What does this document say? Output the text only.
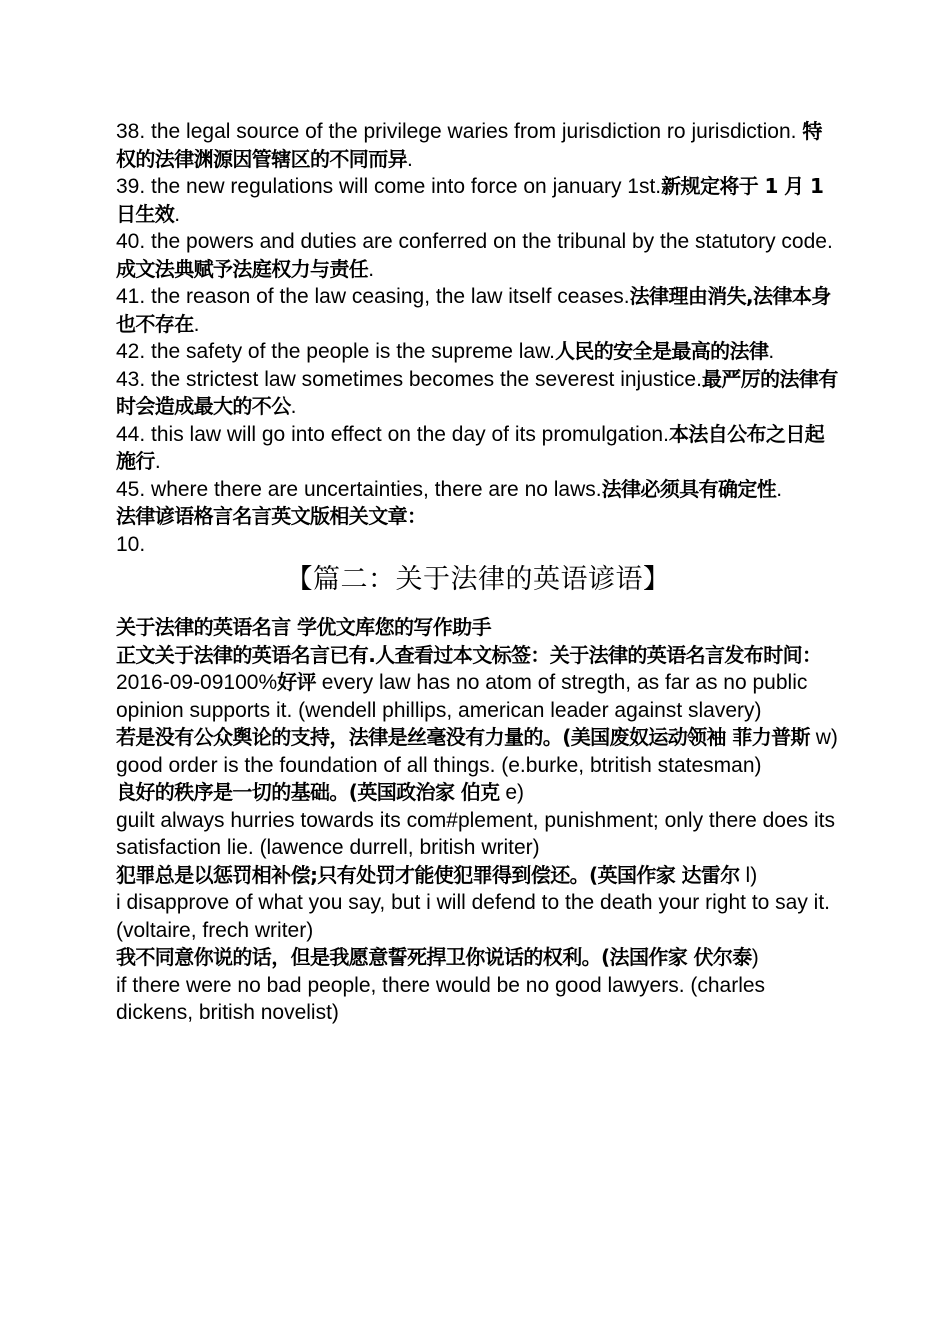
38. the legal source of the privilege waries from jurisdiction ro jurisdiction. 特权的法律渊源因管辖区的不同而异.
39. the new regulations will come into force on january 1st.新规定将于 1 月 1 日生效.
40. the powers and duties are conferred on the tribunal by the statutory code. 成文法典赋予法庭权力与责任.
41. the reason of the law ceasing, the law itself ceases.法律理由消失,法律本身也不存在.
42. the safety of the people is the supreme law.人民的安全是最高的法律.
43. the strictest law sometimes becomes the severest injustice.最严厉的法律有时会造成最大的不公.
44. this law will go into effect on the day of its promulgation.本法自公布之日起施行.
45. where there are uncertainties, there are no laws.法律必须具有确定性.
法律谚语格言名言英文版相关文章：
10.
【篇二：关于法律的英语谚语】
关于法律的英语名言 学优文库您的写作助手
正文关于法律的英语名言已有.人查看过本文标签：关于法律的英语名言发布时间：2016-09-09100%好评 every law has no atom of stregth, as far as no public opinion supports it. (wendell phillips, american leader against slavery)
若是没有公众舆论的支持，法律是丝毫没有力量的。(美国废奴运动领袖 菲力普斯 w)
good order is the foundation of all things. (e.burke, btritish statesman)
良好的秩序是一切的基础。(英国政治家 伯克 e)
guilt always hurries towards its com#plement, punishment; only there does its satisfaction lie. (lawence durrell, british writer)
犯罪总是以惩罚相补偿;只有处罚才能使犯罪得到偿还。(英国作家 达雷尔 l)
i disapprove of what you say, but i will defend to the death your right to say it. (voltaire, frech writer)
我不同意你说的话，但是我愿意誓死捍卫你说话的权利。(法国作家 伏尔泰)
if there were no bad people, there would be no good lawyers. (charles dickens, british novelist)
